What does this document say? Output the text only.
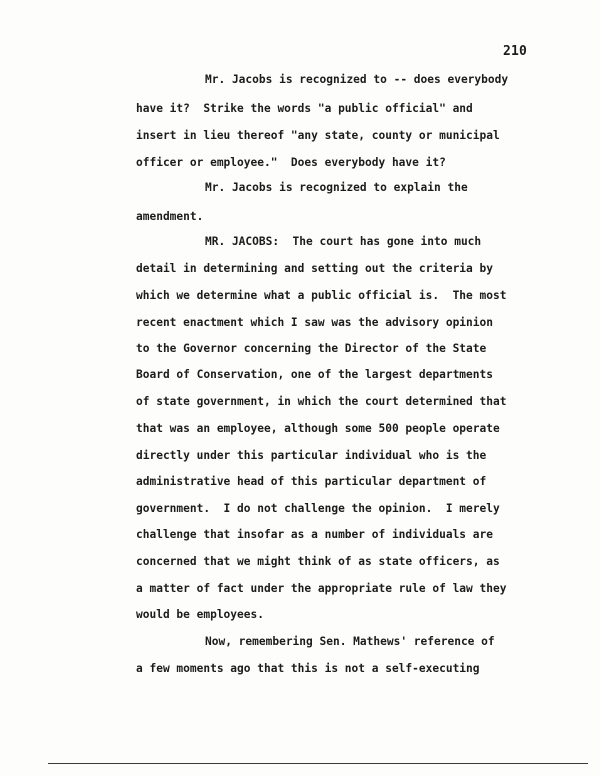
210
Mr. Jacobs is recognized to -- does everybody
have it?  Strike the words "a public official" and
insert in lieu thereof "any state, county or municipal
officer or employee."  Does everybody have it?
Mr. Jacobs is recognized to explain the
amendment.
MR. JACOBS:  The court has gone into much
detail in determining and setting out the criteria by
which we determine what a public official is.  The most
recent enactment which I saw was the advisory opinion
to the Governor concerning the Director of the State
Board of Conservation, one of the largest departments
of state government, in which the court determined that
that was an employee, although some 500 people operate
directly under this particular individual who is the
administrative head of this particular department of
government.  I do not challenge the opinion.  I merely
challenge that insofar as a number of individuals are
concerned that we might think of as state officers, as
a matter of fact under the appropriate rule of law they
would be employees.
Now, remembering Sen. Mathews' reference of
a few moments ago that this is not a self-executing
